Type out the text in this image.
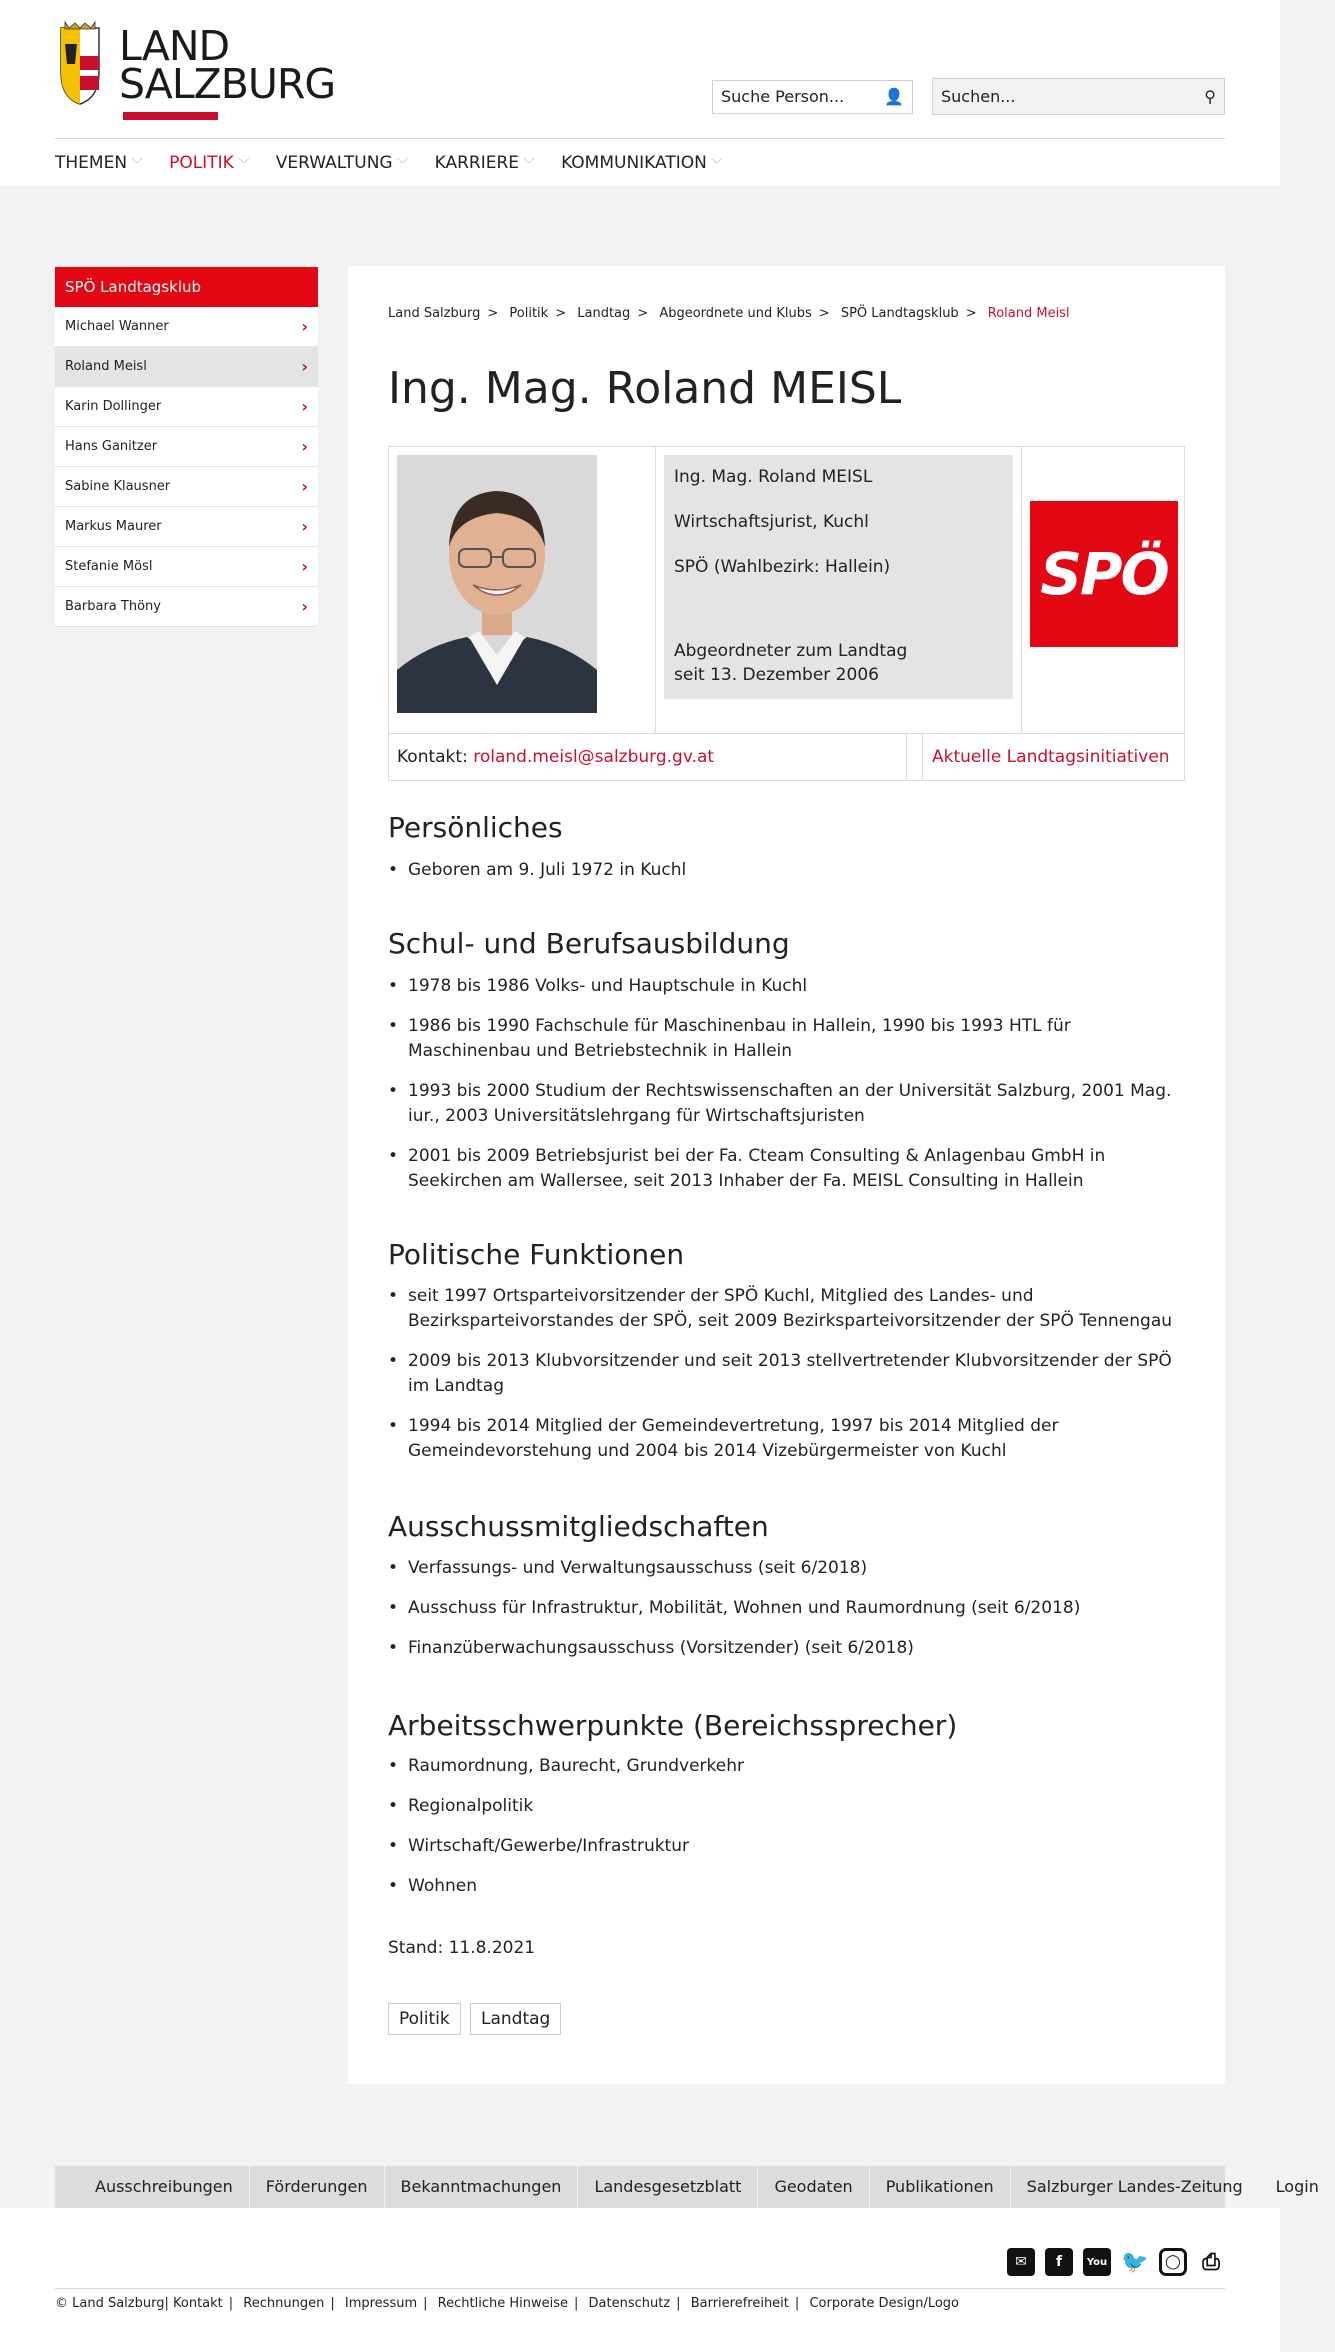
LAND
SALZBURG	Suche Person... 👤	Suchen...	⚲
THEMEN ﹀ POLITIK ﹀ VERWALTUNG ﹀ KARRIERE ﹀ KOMMUNIKATION ﹀
SPÖ Landtagsklub
Michael Wanner	›
Roland Meisl	›
Karin Dollinger	›
Hans Ganitzer	›
Sabine Klausner	›
Markus Maurer	›
Stefanie Mösl	›
Barbara Thöny	›
Land Salzburg > Politik > Landtag > Abgeordnete und Klubs > SPÖ Landtagsklub > Roland Meisl
Ing. Mag. Roland MEISL
Ing. Mag. Roland MEISL
Wirtschaftsjurist, Kuchl
SPÖ (Wahlbezirk: Hallein)
Abgeordneter zum Landtag
seit 13. Dezember 2006
SPÖ
Kontakt: roland.meisl@salzburg.gv.at	Aktuelle Landtagsinitiativen
Persönliches
• Geboren am 9. Juli 1972 in Kuchl
Schul- und Berufsausbildung
• 1978 bis 1986 Volks- und Hauptschule in Kuchl
• 1986 bis 1990 Fachschule für Maschinenbau in Hallein, 1990 bis 1993 HTL für Maschinenbau und Betriebstechnik in Hallein
• 1993 bis 2000 Studium der Rechtswissenschaften an der Universität Salzburg, 2001 Mag. iur., 2003 Universitätslehrgang für Wirtschaftsjuristen
• 2001 bis 2009 Betriebsjurist bei der Fa. Cteam Consulting & Anlagenbau GmbH in Seekirchen am Wallersee, seit 2013 Inhaber der Fa. MEISL Consulting in Hallein
Politische Funktionen
• seit 1997 Ortsparteivorsitzender der SPÖ Kuchl, Mitglied des Landes- und Bezirksparteivorstandes der SPÖ, seit 2009 Bezirksparteivorsitzender der SPÖ Tennengau
• 2009 bis 2013 Klubvorsitzender und seit 2013 stellvertretender Klubvorsitzender der SPÖ im Landtag
• 1994 bis 2014 Mitglied der Gemeindevertretung, 1997 bis 2014 Mitglied der Gemeindevorstehung und 2004 bis 2014 Vizebürgermeister von Kuchl
Ausschussmitgliedschaften
• Verfassungs- und Verwaltungsausschuss (seit 6/2018)
• Ausschuss für Infrastruktur, Mobilität, Wohnen und Raumordnung (seit 6/2018)
• Finanzüberwachungsausschuss (Vorsitzender) (seit 6/2018)
Arbeitsschwerpunkte (Bereichssprecher)
• Raumordnung, Baurecht, Grundverkehr
• Regionalpolitik
• Wirtschaft/Gewerbe/Infrastruktur
• Wohnen
Stand: 11.8.2021
Politik	Landtag
Ausschreibungen	Förderungen	Bekanntmachungen	Landesgesetzblatt	Geodaten	Publikationen	Salzburger Landes-Zeitung	Login
✉	f	You 🐦	◯ ⎙
© Land Salzburg| Kontakt | Rechnungen | Impressum | Rechtliche Hinweise | Datenschutz | Barrierefreiheit | Corporate Design/Logo
